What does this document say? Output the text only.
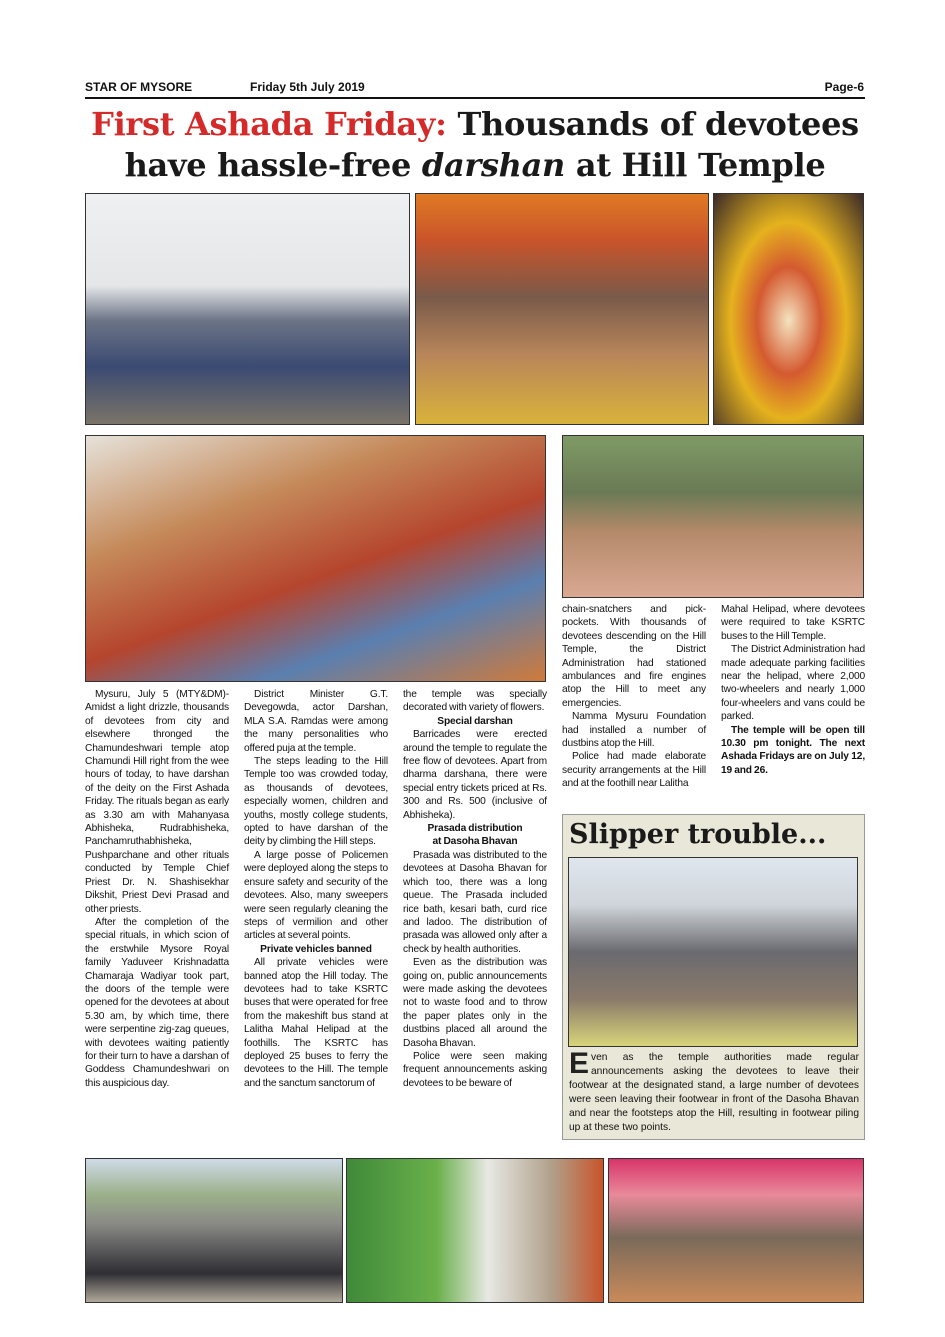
STAR OF MYSORE	Friday 5th July 2019	Page-6
First Ashada Friday: Thousands of devotees
have hassle-free darshan at Hill Temple

Mysuru, July 5 (MTY&DM)- Amidst a light drizzle, thousands of devotees from city and elsewhere thronged the Chamundeshwari temple atop Chamundi Hill right from the wee hours of today, to have darshan of the deity on the First Ashada Friday. The rituals began as early as 3.30 am with Mahanyasa Abhisheka, Rudrabhisheka, Panchamruthabhisheka, Pushparchane and other rituals conducted by Temple Chief Priest Dr. N. Shashisekhar Dikshit, Priest Devi Prasad and other priests.

After the completion of the special rituals, in which scion of the erstwhile Mysore Royal family Yaduveer Krishnadatta Chamaraja Wadiyar took part, the doors of the temple were opened for the devotees at about 5.30 am, by which time, there were serpentine zig-zag queues, with devotees waiting patiently for their turn to have a darshan of Goddess Chamundeshwari on this auspicious day.

District Minister G.T. Devegowda, actor Darshan, MLA S.A. Ramdas were among the many personalities who offered puja at the temple.

The steps leading to the Hill Temple too was crowded today, as thousands of devotees, especially women, children and youths, mostly college students, opted to have darshan of the deity by climbing the Hill steps.

A large posse of Policemen were deployed along the steps to ensure safety and security of the devotees. Also, many sweepers were seen regularly cleaning the steps of vermilion and other articles at several points.

Private vehicles banned

All private vehicles were banned atop the Hill today. The devotees had to take KSRTC buses that were operated for free from the makeshift bus stand at Lalitha Mahal Helipad at the foothills. The KSRTC has deployed 25 buses to ferry the devotees to the Hill. The temple and the sanctum sanctorum of

the temple was specially decorated with variety of flowers.

Special darshan

Barricades were erected around the temple to regulate the free flow of devotees. Apart from dharma darshana, there were special entry tickets priced at Rs. 300 and Rs. 500 (inclusive of Abhisheka).

Prasada distribution
at Dasoha Bhavan

Prasada was distributed to the devotees at Dasoha Bhavan for which too, there was a long queue. The Prasada included rice bath, kesari bath, curd rice and ladoo. The distribution of prasada was allowed only after a check by health authorities.

Even as the distribution was going on, public announcements were made asking the devotees not to waste food and to throw the paper plates only in the dustbins placed all around the Dasoha Bhavan.

Police were seen making frequent announcements asking devotees to be beware of

chain-snatchers and pick-pockets. With thousands of devotees descending on the Hill Temple, the District Administration had stationed ambulances and fire engines atop the Hill to meet any emergencies.

Namma Mysuru Foundation had installed a number of dustbins atop the Hill.

Police had made elaborate security arrangements at the Hill and at the foothill near Lalitha

Mahal Helipad, where devotees were required to take KSRTC buses to the Hill Temple.

The District Administration had made adequate parking facilities near the helipad, where 2,000 two-wheelers and nearly 1,000 four-wheelers and vans could be parked.

The temple will be open till 10.30 pm tonight. The next Ashada Fridays are on July 12, 19 and 26.

Slipper trouble...
Even as the temple authorities made regular announcements asking the devotees to leave their footwear at the designated stand, a large number of devotees were seen leaving their footwear in front of the Dasoha Bhavan and near the footsteps atop the Hill, resulting in footwear piling up at these two points.
